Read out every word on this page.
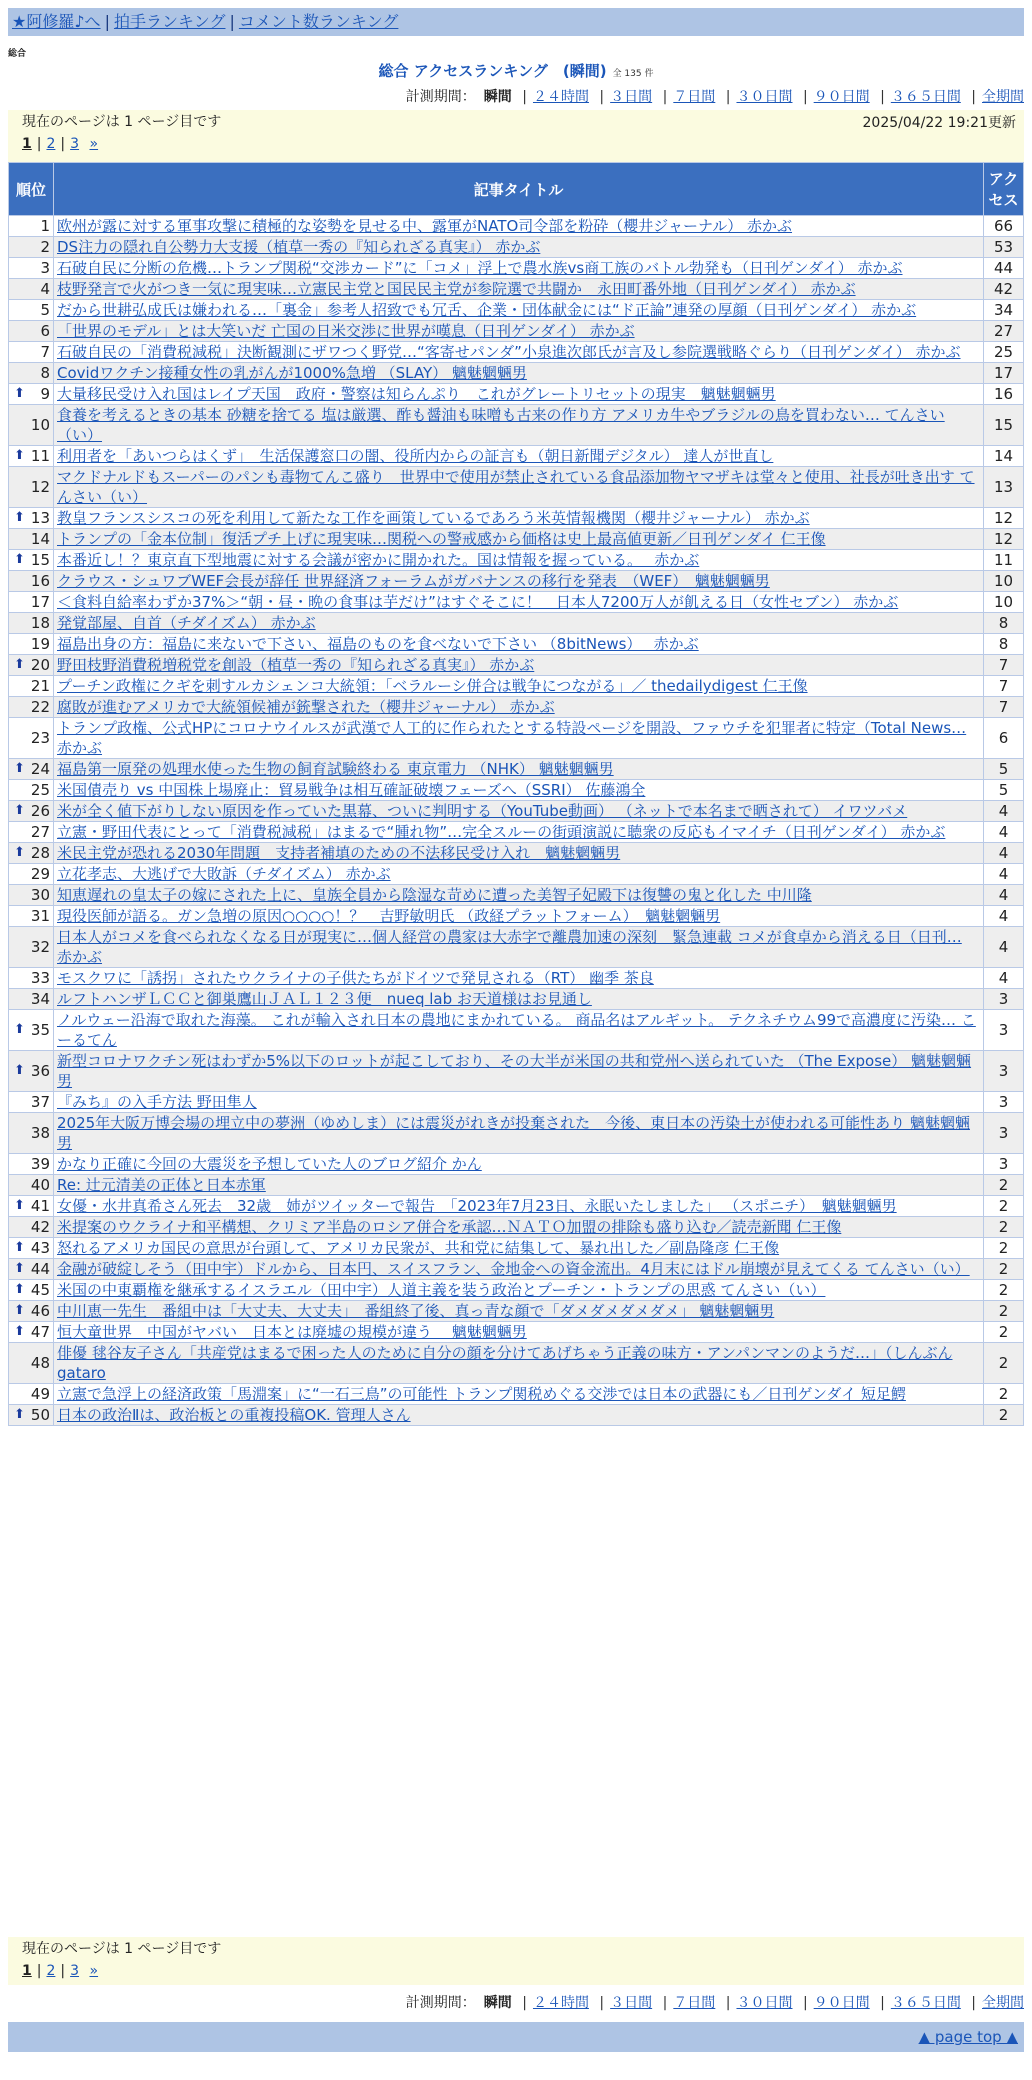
★阿修羅♪へ | 拍手ランキング | コメント数ランキング
総合
総合 アクセスランキング　(瞬間) 全 135 件
計測期間： 瞬間 | ２４時間 | ３日間 | ７日間 | ３０日間 | ９０日間 | ３６５日間 | 全期間
現在のページは 1 ページ目です	2025/04/22 19:21更新
1 | 2 | 3 »
順位	記事タイトル	アクセス
1	欧州が露に対する軍事攻撃に積極的な姿勢を見せる中、露軍がNATO司令部を粉砕（櫻井ジャーナル） 赤かぶ	66
2	DS注力の隠れ自公勢力大支援（植草一秀の『知られざる真実』） 赤かぶ	53
3	石破自民に分断の危機…トランプ関税“交渉カード”に「コメ」浮上で農水族vs商工族のバトル勃発も（日刊ゲンダイ） 赤かぶ	44
4	枝野発言で火がつき一気に現実味…立憲民主党と国民民主党が参院選で共闘か　永田町番外地（日刊ゲンダイ） 赤かぶ	42
5	だから世耕弘成氏は嫌われる…「裏金」参考人招致でも冗舌、企業・団体献金には“ド正論”連発の厚顔（日刊ゲンダイ） 赤かぶ	34
6	「世界のモデル」とは大笑いだ 亡国の日米交渉に世界が嘆息（日刊ゲンダイ） 赤かぶ	27
7	石破自民の「消費税減税」決断観測にザワつく野党…“客寄せパンダ”小泉進次郎氏が言及し参院選戦略ぐらり（日刊ゲンダイ） 赤かぶ	25
8	Covidワクチン接種女性の乳がんが1000%急増 （SLAY） 魑魅魍魎男	17

⬆ 9	大量移民受け入れ国はレイプ天国　政府・警察は知らんぷり　これがグレートリセットの現実　魑魅魍魎男	16
10	食養を考えるときの基本 砂糖を捨てる 塩は厳選、酢も醤油も味噌も古来の作り方 アメリカ牛やブラジルの鳥を買わない… てんさい（い）	15

⬆ 11	利用者を「あいつらはくず」　生活保護窓口の闇、役所内からの証言も（朝日新聞デジタル） 達人が世直し	14
12	マクドナルドもスーパーのパンも毒物てんこ盛り　世界中で使用が禁止されている食品添加物ヤマザキは堂々と使用、社長が吐き出す てんさい（い）	13

⬆ 13	教皇フランスシスコの死を利用して新たな工作を画策しているであろう米英情報機関（櫻井ジャーナル） 赤かぶ	12
14	トランプの「金本位制」復活プチ上げに現実味…関税への警戒感から価格は史上最高値更新／日刊ゲンダイ 仁王像	12

⬆ 15	本番近し！？東京直下型地震に対する会議が密かに開かれた。国は情報を握っている。　 赤かぶ	11
16	クラウス・シュワブWEF会長が辞任 世界経済フォーラムがガバナンスの移行を発表　（WEF）　魑魅魍魎男	10
17	＜食料自給率わずか37%＞“朝・昼・晩の食事は芋だけ”はすぐそこに！　日本人7200万人が飢える日（女性セブン） 赤かぶ	10
18	発覚部屋、自首（チダイズム） 赤かぶ	8
19	福島出身の方：福島に来ないで下さい、福島のものを食べないで下さい （8bitNews）　 赤かぶ	8

⬆ 20	野田枝野消費税増税党を創設（植草一秀の『知られざる真実』） 赤かぶ	7
21	プーチン政権にクギを刺すルカシェンコ大統領：「ベラルーシ併合は戦争につながる」／ thedailydigest 仁王像	7
22	腐敗が進むアメリカで大統領候補が銃撃された（櫻井ジャーナル） 赤かぶ	7
23	トランプ政権、公式HPにコロナウイルスが武漢で人工的に作られたとする特設ページを開設、ファウチを犯罪者に特定（Total News… 赤かぶ	6

⬆ 24	福島第一原発の処理水使った生物の飼育試験終わる 東京電力 （NHK） 魑魅魍魎男	5
25	米国債売り vs 中国株上場廃止：貿易戦争は相互確証破壊フェーズへ（SSRI） 佐藤鴻全	5

⬆ 26	米が全く値下がりしない原因を作っていた黒幕、ついに判明する（YouTube動画） （ネットで本名まで晒されて） イワツバメ	4
27	立憲・野田代表にとって「消費税減税」はまるで“腫れ物”…完全スルーの街頭演説に聴衆の反応もイマイチ（日刊ゲンダイ） 赤かぶ	4

⬆ 28	米民主党が恐れる2030年問題　支持者補填のための不法移民受け入れ　魑魅魍魎男	4
29	立花孝志、大逃げで大敗訴（チダイズム） 赤かぶ	4
30	知恵遅れの皇太子の嫁にされた上に、皇族全員から陰湿な苛めに遭った美智子妃殿下は復讐の鬼と化した 中川隆	4
31	現役医師が語る。ガン急増の原因○○○○！？　吉野敏明氏 （政経プラットフォーム）　魑魅魍魎男	4
32	日本人がコメを食べられなくなる日が現実に…個人経営の農家は大赤字で離農加速の深刻　緊急連載 コメが食卓から消える日（日刊… 赤かぶ	4
33	モスクワに「誘拐」されたウクライナの子供たちがドイツで発見される（RT） 幽季 茶良	4
34	ルフトハンザＬＣＣと御巣鷹山ＪＡＬ１２３便　nueq lab お天道様はお見通し	3

⬆ 35	ノルウェー沿海で取れた海藻。 これが輸入され日本の農地にまかれている。 商品名はアルギット。 テクネチウム99で高濃度に汚染… こーるてん	3

⬆ 36	新型コロナワクチン死はわずか5%以下のロットが起こしており、その大半が米国の共和党州へ送られていた （The Expose） 魑魅魍魎男	3
37	『みち』の入手方法 野田隼人	3
38	2025年大阪万博会場の埋立中の夢洲（ゆめしま）には震災がれきが投棄された　今後、東日本の汚染土が使われる可能性あり 魑魅魍魎男	3
39	かなり正確に今回の大震災を予想していた人のブログ紹介 かん	3
40	Re: 辻元清美の正体と日本赤軍	2

⬆ 41	女優・水井真希さん死去　32歳　姉がツイッターで報告　「2023年7月23日、永眠いたしました」 （スポニチ）　魑魅魍魎男	2
42	米提案のウクライナ和平構想、クリミア半島のロシア併合を承認…ＮＡＴＯ加盟の排除も盛り込む／読売新聞 仁王像	2

⬆ 43	怒れるアメリカ国民の意思が台頭して、アメリカ民衆が、共和党に結集して、暴れ出した／副島隆彦 仁王像	2

⬆ 44	金融が破綻しそう（田中宇）ドルから、日本円、スイスフラン、金地金への資金流出。4月末にはドル崩壊が見えてくる てんさい（い）	2

⬆ 45	米国の中東覇権を継承するイスラエル（田中宇）人道主義を装う政治とプーチン・トランプの思惑 てんさい（い）	2

⬆ 46	中川恵一先生　番組中は「大丈夫、大丈夫」　番組終了後、真っ青な顔で「ダメダメダメダメ」 魑魅魍魎男	2

⬆ 47	恒大童世界　中国がヤバい　日本とは廃墟の規模が違う　 魑魅魍魎男	2
48	俳優 毬谷友子さん「共産党はまるで困った人のために自分の顔を分けてあげちゃう正義の味方・アンパンマンのようだ…」（しんぶん gataro	2
49	立憲で急浮上の経済政策「馬淵案」に“一石三鳥”の可能性 トランプ関税めぐる交渉では日本の武器にも／日刊ゲンダイ 短足鰐	2

⬆ 50	日本の政治Ⅱは、政治板との重複投稿OK. 管理人さん	2
現在のページは 1 ページ目です
1 | 2 | 3 »
計測期間： 瞬間 | ２４時間 | ３日間 | ７日間 | ３０日間 | ９０日間 | ３６５日間 | 全期間
▲ page top ▲
